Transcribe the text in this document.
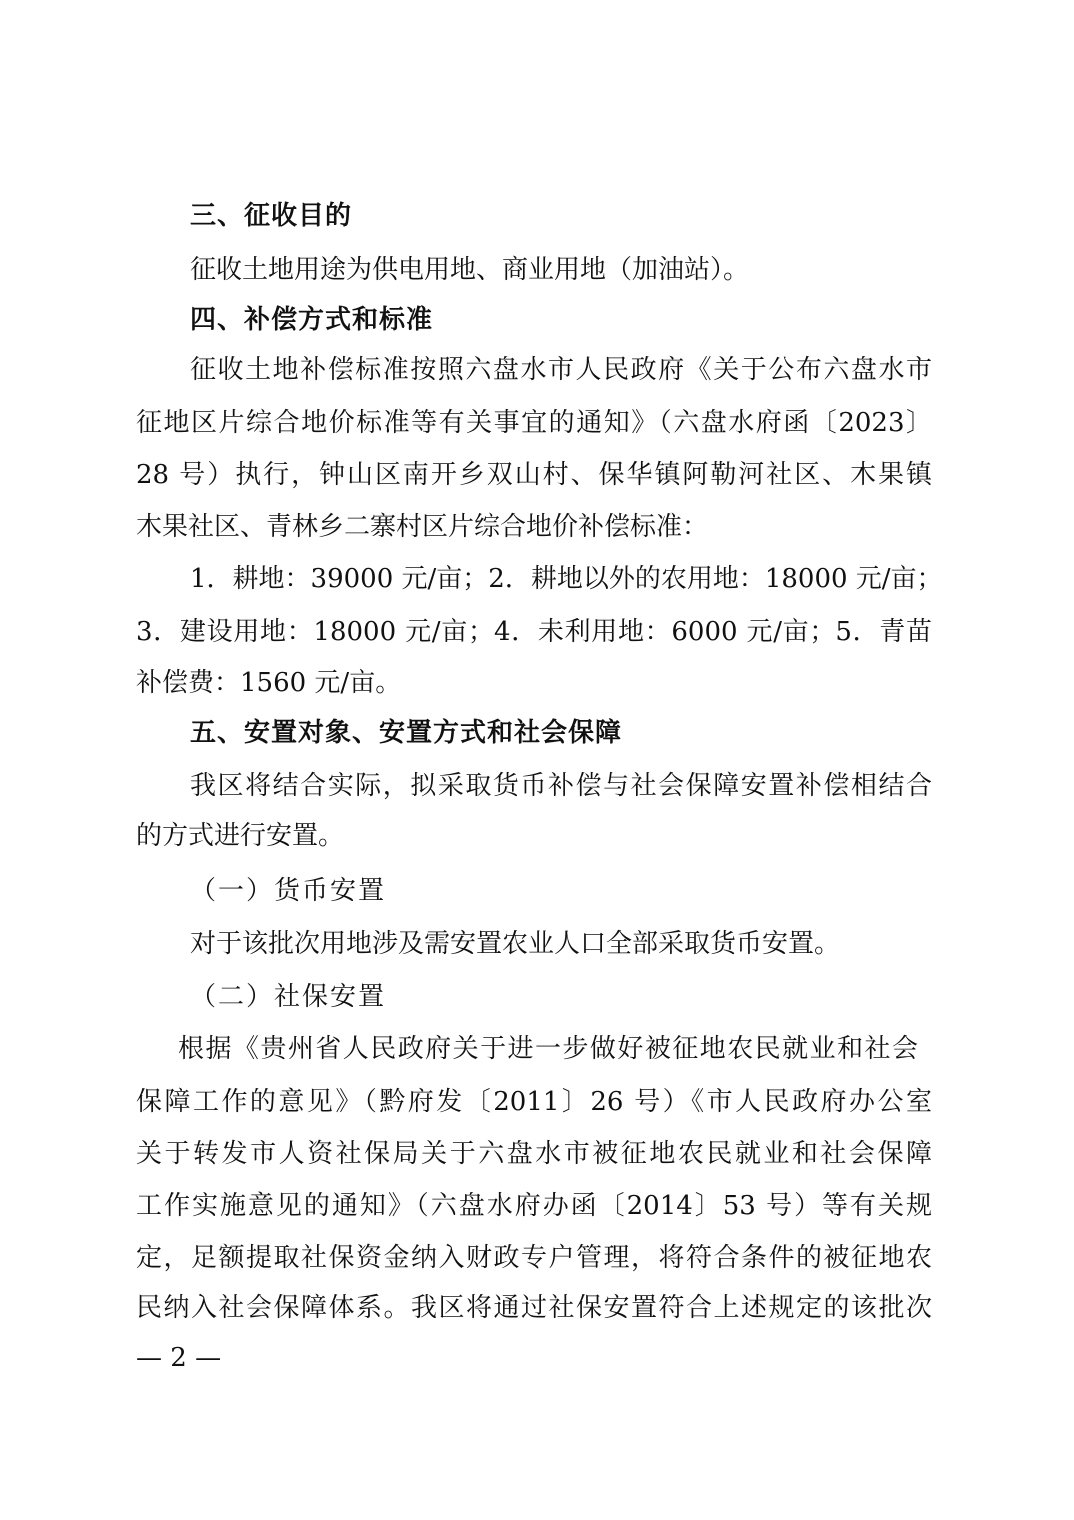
三、征收目的
征收土地用途为供电用地、商业用地（加油站）。
四、补偿方式和标准
征收土地补偿标准按照六盘水市人民政府《关于公布六盘水市
征地区片综合地价标准等有关事宜的通知》（六盘水府函〔2023〕
28 号）执行，钟山区南开乡双山村、保华镇阿勒河社区、木果镇
木果社区、青林乡二寨村区片综合地价补偿标准：
1．耕地：39000 元/亩；2．耕地以外的农用地：18000 元/亩；
3．建设用地：18000 元/亩；4．未利用地：6000 元/亩；5．青苗
补偿费：1560 元/亩。
五、安置对象、安置方式和社会保障
我区将结合实际，拟采取货币补偿与社会保障安置补偿相结合
的方式进行安置。
（一）货币安置
对于该批次用地涉及需安置农业人口全部采取货币安置。
（二）社保安置
根据《贵州省人民政府关于进一步做好被征地农民就业和社会
保障工作的意见》（黔府发〔2011〕26 号）《市人民政府办公室
关于转发市人资社保局关于六盘水市被征地农民就业和社会保障
工作实施意见的通知》（六盘水府办函〔2014〕53 号）等有关规
定，足额提取社保资金纳入财政专户管理，将符合条件的被征地农
民纳入社会保障体系。我区将通过社保安置符合上述规定的该批次
— 2 —
